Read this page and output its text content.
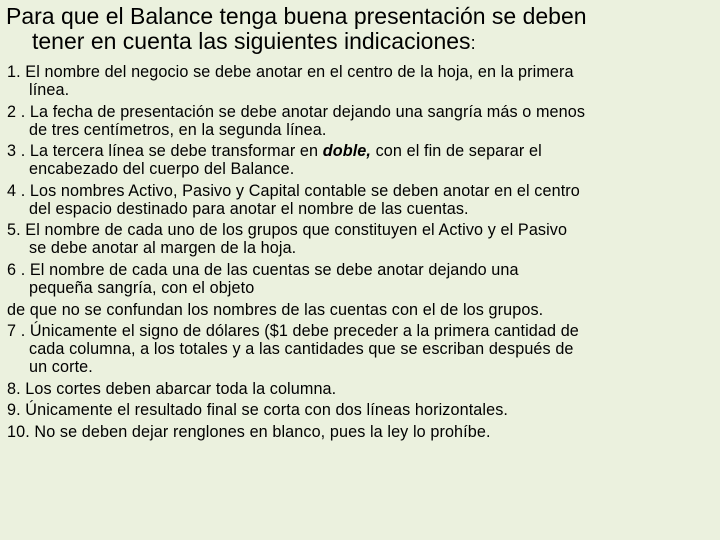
Para que el Balance tenga buena presentación se deben
tener en cuenta las siguientes indicaciones:
1. El nombre del negocio se debe anotar en el centro de la hoja, en la primera
línea.
2 . La fecha de presentación se debe anotar dejando una sangría más o menos
de tres centímetros, en la segunda línea.
3 . La tercera línea se debe transformar en doble, con el fin de separar el
encabezado del cuerpo del Balance.
4 . Los nombres Activo, Pasivo y Capital contable se deben anotar en el centro
del espacio destinado para anotar el nombre de las cuentas.
5. El nombre de cada uno de los grupos que constituyen el Activo y el Pasivo
se debe anotar al margen de la hoja.
6 . El nombre de cada una de las cuentas se debe anotar dejando una
pequeña sangría, con el objeto
de que no se confundan los nombres de las cuentas con el de los grupos.
7 . Únicamente el signo de dólares ($1 debe preceder a la primera cantidad de
cada columna, a los totales y a las cantidades que se escriban después de
un corte.
8. Los cortes deben abarcar toda la columna.
9. Únicamente el resultado final se corta con dos líneas horizontales.
10. No se deben dejar renglones en blanco, pues la ley lo prohíbe.
